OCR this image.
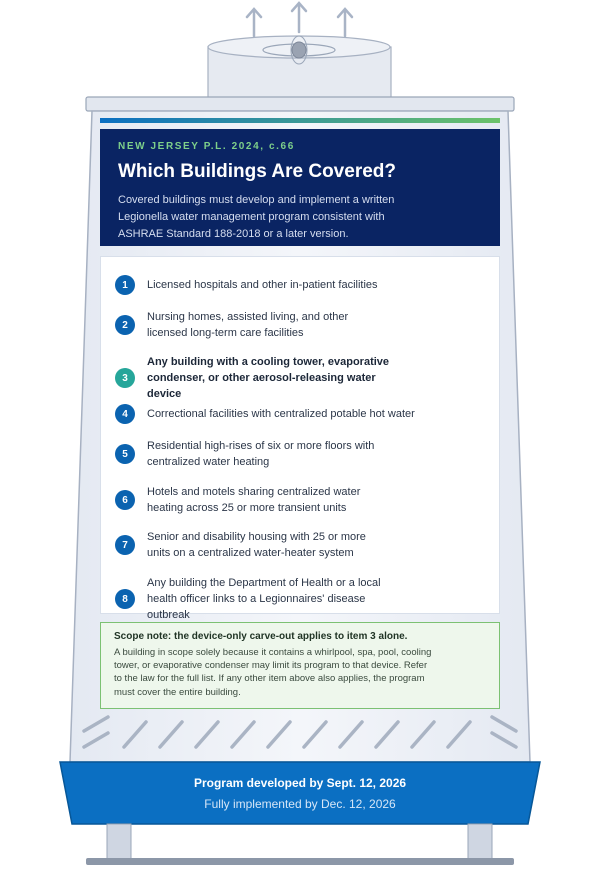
NEW JERSEY P.L. 2024, c.66

Which Buildings Are Covered?

Covered buildings must develop and implement a written Legionella water management program consistent with ASHRAE Standard 188-2018 or a later version.

1	Licensed hospitals and other in-patient facilities
2
Nursing homes, assisted living, and other licensed long-term care facilities
3
Any building with a cooling tower, evaporative condenser, or other aerosol-releasing water device
4	Correctional facilities with centralized potable hot water
5
Residential high-rises of six or more floors with centralized water heating
6
Hotels and motels sharing centralized water heating across 25 or more transient units
7
Senior and disability housing with 25 or more units on a centralized water-heater system
8
Any building the Department of Health or a local health officer links to a Legionnaires' disease outbreak

Scope note: the device-only carve-out applies to item 3 alone.

A building in scope solely because it contains a whirlpool, spa, pool, cooling tower, or evaporative condenser may limit its program to that device. Refer to the law for the full list. If any other item above also applies, the program must cover the entire building.

Program developed by Sept. 12, 2026
Fully implemented by Dec. 12, 2026
